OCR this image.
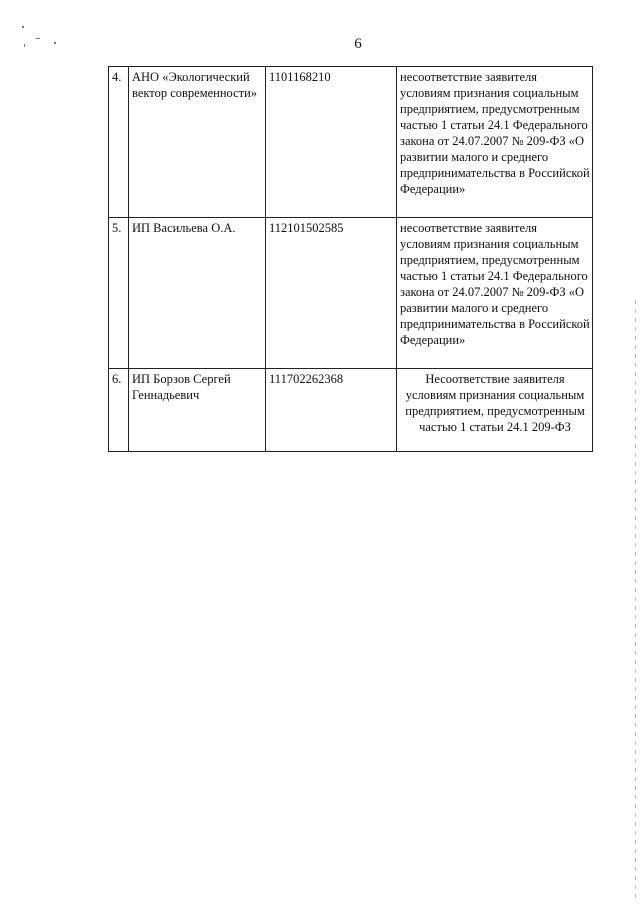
6
4.	АНО «Экологический вектор современности»	1101168210	несоответствие заявителя условиям признания социальным предприятием, предусмотренным частью 1 статьи 24.1 Федерального закона от 24.07.2007 № 209-ФЗ «О развитии малого и среднего предпринимательства в Российской Федерации»
5.	ИП Васильева О.А.	112101502585	несоответствие заявителя условиям признания социальным предприятием, предусмотренным частью 1 статьи 24.1 Федерального закона от 24.07.2007 № 209-ФЗ «О развитии малого и среднего предпринимательства в Российской Федерации»
6.	ИП Борзов Сергей Геннадьевич	111702262368	Несоответствие заявителя условиям признания социальным предприятием, предусмотренным частью 1 статьи 24.1 209-ФЗ
